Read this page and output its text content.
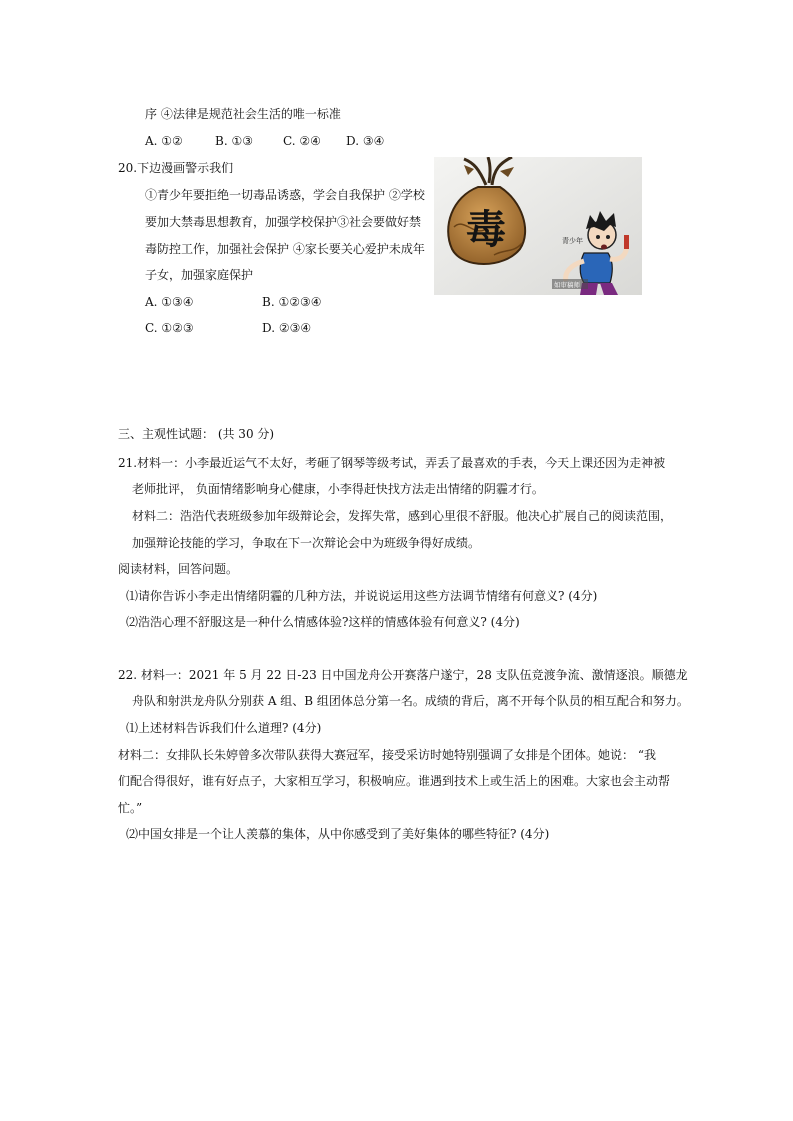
序 ④法律是规范社会生活的唯一标准
A. ①②	B. ①③	C. ②④ D. ③④
20.下边漫画警示我们
①青少年要拒绝一切毒品诱惑，学会自我保护 ②学校
要加大禁毒思想教育，加强学校保护③社会要做好禁
毒防控工作，加强社会保护 ④家长要关心爱护未成年
子女，加强家庭保护
A. ①③④	B. ①②③④
C. ①②③	D. ②③④
毒	青少年
如审稿师
三、主观性试题： (共 30 分)
21.材料一：小李最近运气不太好，考砸了钢琴等级考试，弄丢了最喜欢的手表，今天上课还因为走神被
老师批评， 负面情绪影响身心健康，小李得赶快找方法走出情绪的阴霾才行。
材料二：浩浩代表班级参加年级辩论会，发挥失常，感到心里很不舒服。他决心扩展自己的阅读范围，
加强辩论技能的学习，争取在下一次辩论会中为班级争得好成绩。
阅读材料，回答问题。
⑴请你告诉小李走出情绪阴霾的几种方法，并说说运用这些方法调节情绪有何意义? (4分)
⑵浩浩心理不舒服这是一种什么情感体验?这样的情感体验有何意义? (4分)
22. 材料一：2021 年 5 月 22 日-23 日中国龙舟公开赛落户遂宁，28 支队伍竞渡争流、激情逐浪。顺德龙
舟队和射洪龙舟队分别获 A 组、B 组团体总分第一名。成绩的背后，离不开每个队员的相互配合和努力。
⑴上述材料告诉我们什么道理? (4分)
材料二：女排队长朱婷曾多次带队获得大赛冠军，接受采访时她特别强调了女排是个团体。她说： “我
们配合得很好，谁有好点子，大家相互学习，积极响应。谁遇到技术上或生活上的困难。大家也会主动帮
忙。”
⑵中国女排是一个让人羡慕的集体，从中你感受到了美好集体的哪些特征? (4分)
